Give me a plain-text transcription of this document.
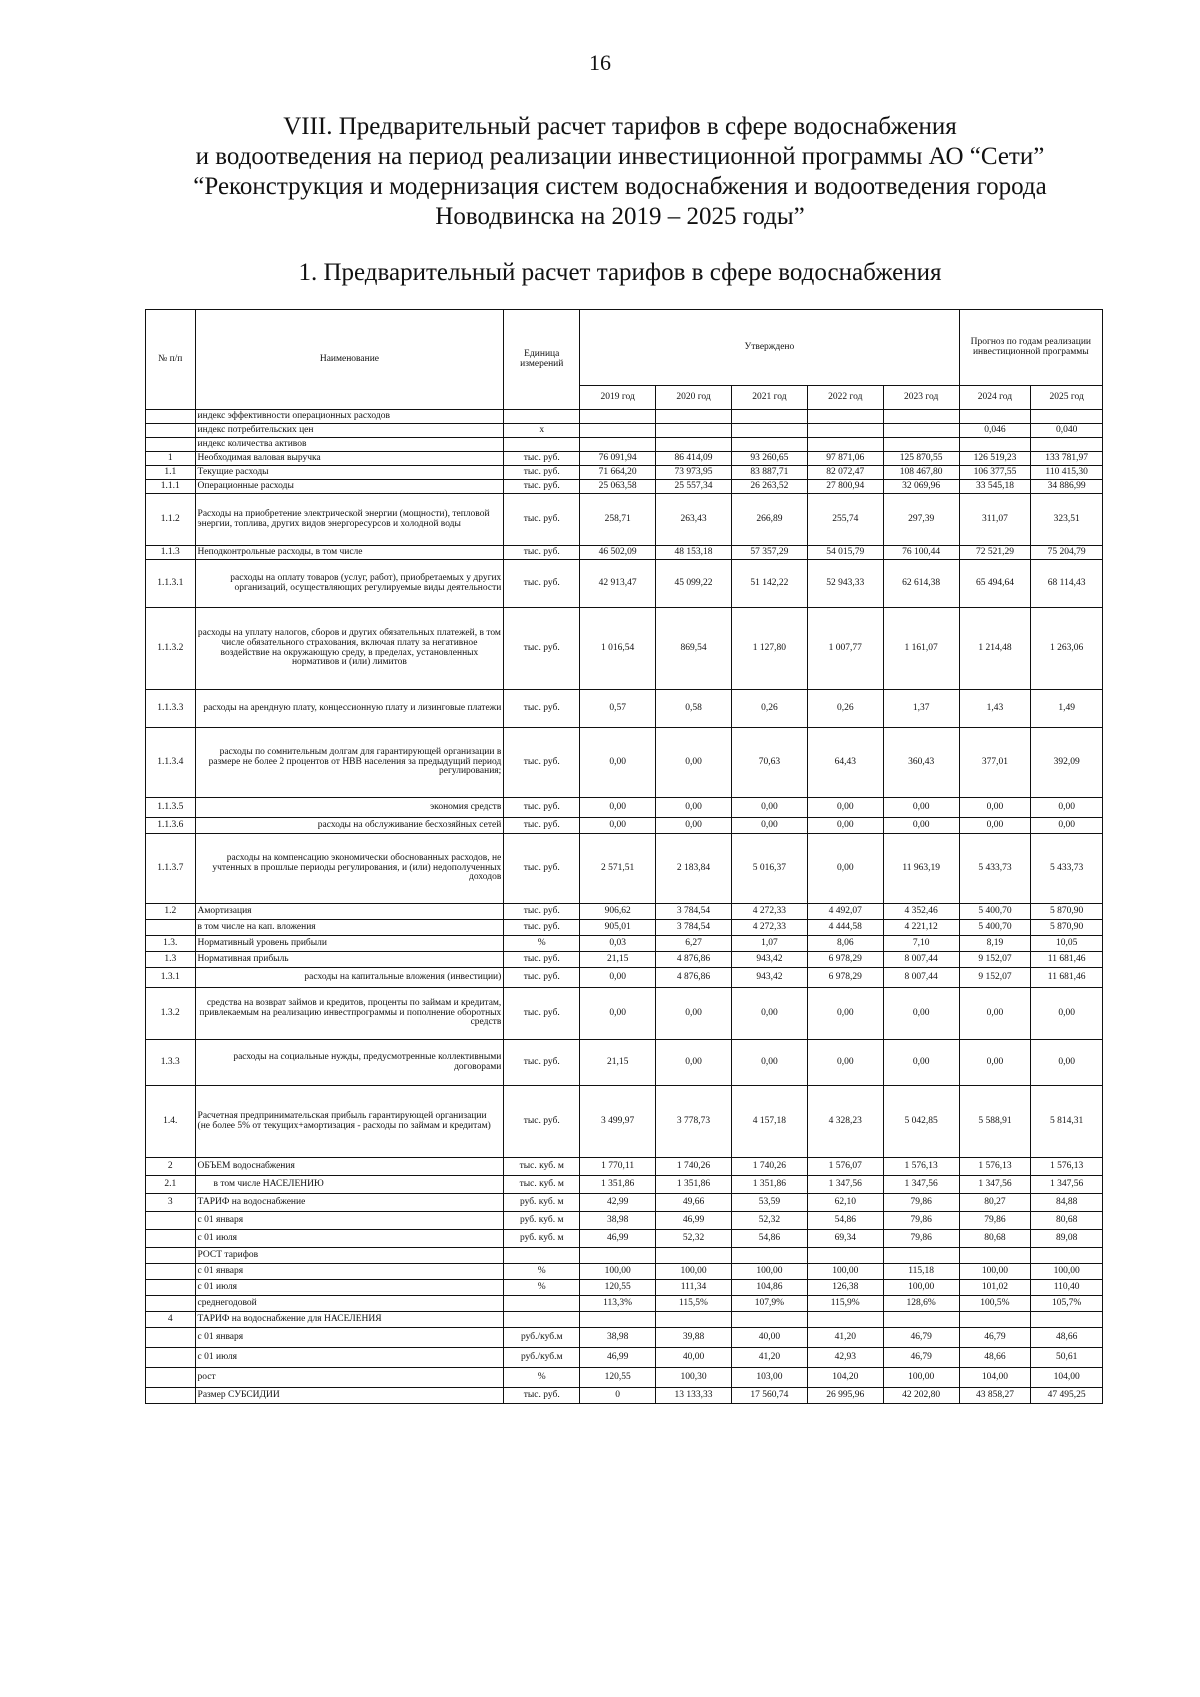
16
VIII. Предварительный расчет тарифов в сфере водоснабжения
и водоотведения на период реализации инвестиционной программы АО “Сети”
“Реконструкция и модернизация систем водоснабжения и водоотведения города
Новодвинска на 2019 – 2025 годы”
1. Предварительный расчет тарифов в сфере водоснабжения
№ п/п	Наименование	Единица измерений	Утверждено					Прогноз по годам реализации инвестиционной программы	
			2019 год	2020 год	2021 год	2022 год	2023 год	2024 год	2025 год
	индекс эффективности операционных расходов								
	индекс потребительских цен	х						0,046	0,040
	индекс количества активов								
1	Необходимая валовая выручка	тыс. руб.	76 091,94	86 414,09	93 260,65	97 871,06	125 870,55	126 519,23	133 781,97
1.1	Текущие расходы	тыс. руб.	71 664,20	73 973,95	83 887,71	82 072,47	108 467,80	106 377,55	110 415,30
1.1.1	Операционные расходы	тыс. руб.	25 063,58	25 557,34	26 263,52	27 800,94	32 069,96	33 545,18	34 886,99
1.1.2	Расходы на приобретение электрической энергии (мощности), тепловой энергии, топлива, других видов энергоресурсов и холодной воды	тыс. руб.	258,71	263,43	266,89	255,74	297,39	311,07	323,51
1.1.3	Неподконтрольные расходы, в том числе	тыс. руб.	46 502,09	48 153,18	57 357,29	54 015,79	76 100,44	72 521,29	75 204,79
1.1.3.1	расходы на оплату товаров (услуг, работ), приобретаемых у других организаций, осуществляющих регулируемые виды деятельности	тыс. руб.	42 913,47	45 099,22	51 142,22	52 943,33	62 614,38	65 494,64	68 114,43
1.1.3.2	расходы на уплату налогов, сборов и других обязательных платежей, в том числе обязательного страхования, включая плату за негативное воздействие на окружающую среду, в пределах, установленных нормативов и (или) лимитов	тыс. руб.	1 016,54	869,54	1 127,80	1 007,77	1 161,07	1 214,48	1 263,06
1.1.3.3	расходы на арендную плату, концессионную плату и лизинговые платежи	тыс. руб.	0,57	0,58	0,26	0,26	1,37	1,43	1,49
1.1.3.4	расходы по сомнительным долгам для гарантирующей организации в размере не более 2 процентов от НВВ населения за предыдущий период регулирования;	тыс. руб.	0,00	0,00	70,63	64,43	360,43	377,01	392,09
1.1.3.5	экономия средств	тыс. руб.	0,00	0,00	0,00	0,00	0,00	0,00	0,00
1.1.3.6	расходы на обслуживание бесхозяйных сетей	тыс. руб.	0,00	0,00	0,00	0,00	0,00	0,00	0,00
1.1.3.7	расходы на компенсацию экономически обоснованных расходов, не учтенных в прошлые периоды регулирования, и (или) недополученных доходов	тыс. руб.	2 571,51	2 183,84	5 016,37	0,00	11 963,19	5 433,73	5 433,73
1.2	Амортизация	тыс. руб.	906,62	3 784,54	4 272,33	4 492,07	4 352,46	5 400,70	5 870,90
	в том числе на кап. вложения	тыс. руб.	905,01	3 784,54	4 272,33	4 444,58	4 221,12	5 400,70	5 870,90
1.3.	Нормативный уровень прибыли	%	0,03	6,27	1,07	8,06	7,10	8,19	10,05
1.3	Нормативная прибыль	тыс. руб.	21,15	4 876,86	943,42	6 978,29	8 007,44	9 152,07	11 681,46
1.3.1	расходы на капитальные вложения (инвестиции)	тыс. руб.	0,00	4 876,86	943,42	6 978,29	8 007,44	9 152,07	11 681,46
1.3.2	средства на возврат займов и кредитов, проценты по займам и кредитам, привлекаемым на реализацию инвестпрограммы и пополнение оборотных средств	тыс. руб.	0,00	0,00	0,00	0,00	0,00	0,00	0,00
1.3.3	расходы на социальные нужды, предусмотренные коллективными договорами	тыс. руб.	21,15	0,00	0,00	0,00	0,00	0,00	0,00
1.4.	Расчетная предпринимательская прибыль гарантирующей организации (не более 5% от текущих+амортизация - расходы по займам и кредитам)	тыс. руб.	3 499,97	3 778,73	4 157,18	4 328,23	5 042,85	5 588,91	5 814,31
2	ОБЪЕМ водоснабжения	тыс. куб. м	1 770,11	1 740,26	1 740,26	1 576,07	1 576,13	1 576,13	1 576,13
2.1	в том числе НАСЕЛЕНИЮ	тыс. куб. м	1 351,86	1 351,86	1 351,86	1 347,56	1 347,56	1 347,56	1 347,56
3	ТАРИФ на водоснабжение	руб. куб. м	42,99	49,66	53,59	62,10	79,86	80,27	84,88
	с 01 января	руб. куб. м	38,98	46,99	52,32	54,86	79,86	79,86	80,68
	с 01 июля	руб. куб. м	46,99	52,32	54,86	69,34	79,86	80,68	89,08
	РОСТ тарифов								
	с 01 января	%	100,00	100,00	100,00	100,00	115,18	100,00	100,00
	с 01 июля	%	120,55	111,34	104,86	126,38	100,00	101,02	110,40
	среднегодовой		113,3%	115,5%	107,9%	115,9%	128,6%	100,5%	105,7%
4	ТАРИФ на водоснабжение для НАСЕЛЕНИЯ								
	с 01 января	руб./куб.м	38,98	39,88	40,00	41,20	46,79	46,79	48,66
	с 01 июля	руб./куб.м	46,99	40,00	41,20	42,93	46,79	48,66	50,61
	рост	%	120,55	100,30	103,00	104,20	100,00	104,00	104,00
	Размер СУБСИДИИ	тыс. руб.	0	13 133,33	17 560,74	26 995,96	42 202,80	43 858,27	47 495,25
